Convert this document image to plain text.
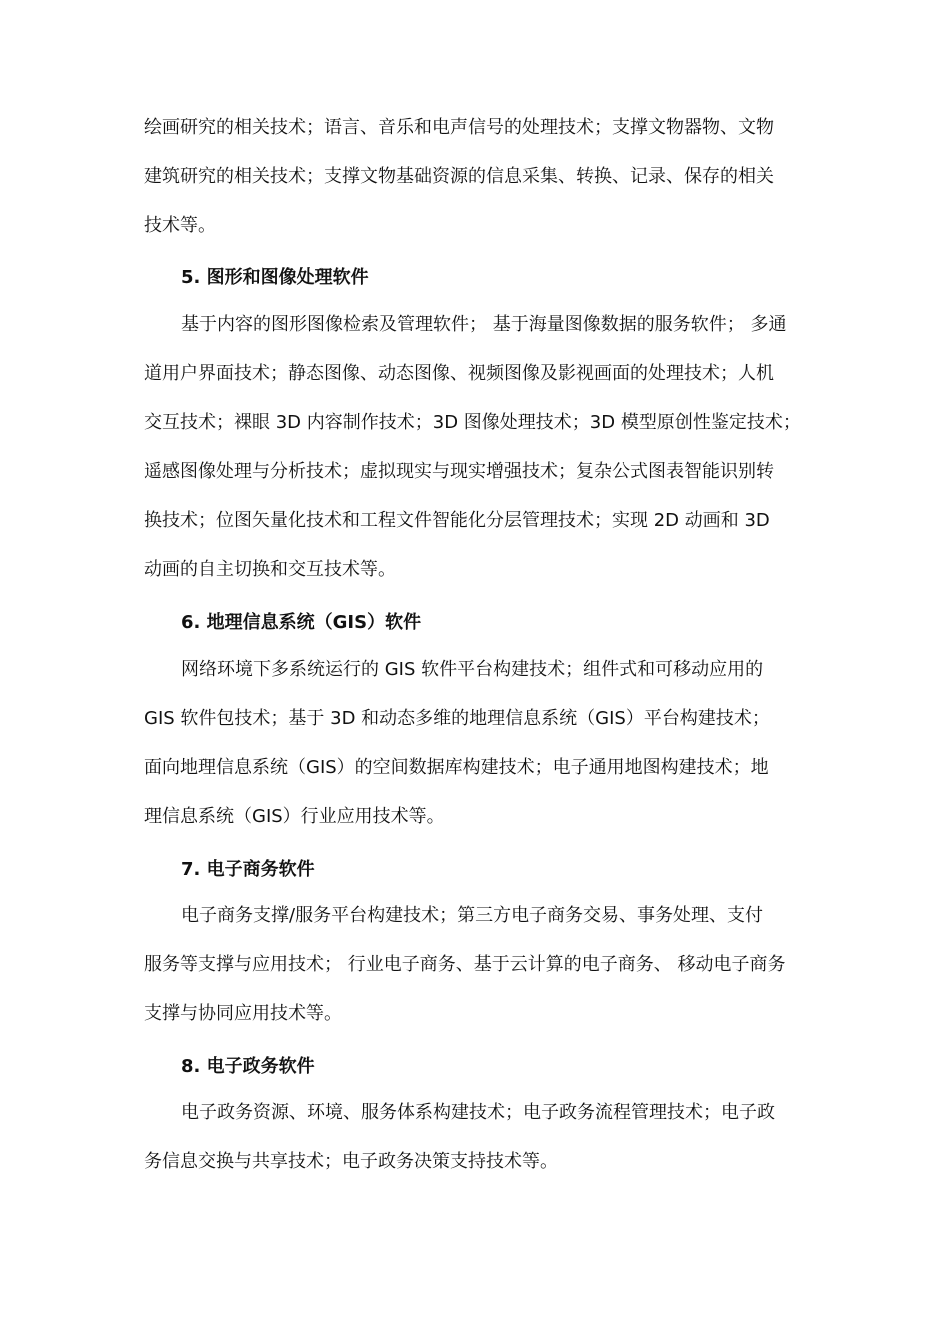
绘画研究的相关技术；语言、音乐和电声信号的处理技术；支撑文物器物、文物
建筑研究的相关技术；支撑文物基础资源的信息采集、转换、记录、保存的相关
技术等。
5. 图形和图像处理软件
基于内容的图形图像检索及管理软件； 基于海量图像数据的服务软件； 多通
道用户界面技术；静态图像、动态图像、视频图像及影视画面的处理技术；人机
交互技术；裸眼 3D 内容制作技术；3D 图像处理技术；3D 模型原创性鉴定技术；
遥感图像处理与分析技术；虚拟现实与现实增强技术；复杂公式图表智能识别转
换技术；位图矢量化技术和工程文件智能化分层管理技术；实现 2D 动画和 3D
动画的自主切换和交互技术等。
6. 地理信息系统（GIS）软件
网络环境下多系统运行的 GIS 软件平台构建技术；组件式和可移动应用的
GIS 软件包技术；基于 3D 和动态多维的地理信息系统（GIS）平台构建技术；
面向地理信息系统（GIS）的空间数据库构建技术；电子通用地图构建技术；地
理信息系统（GIS）行业应用技术等。
7. 电子商务软件
电子商务支撑/服务平台构建技术；第三方电子商务交易、事务处理、支付
服务等支撑与应用技术； 行业电子商务、基于云计算的电子商务、 移动电子商务
支撑与协同应用技术等。
8. 电子政务软件
电子政务资源、环境、服务体系构建技术；电子政务流程管理技术；电子政
务信息交换与共享技术；电子政务决策支持技术等。
